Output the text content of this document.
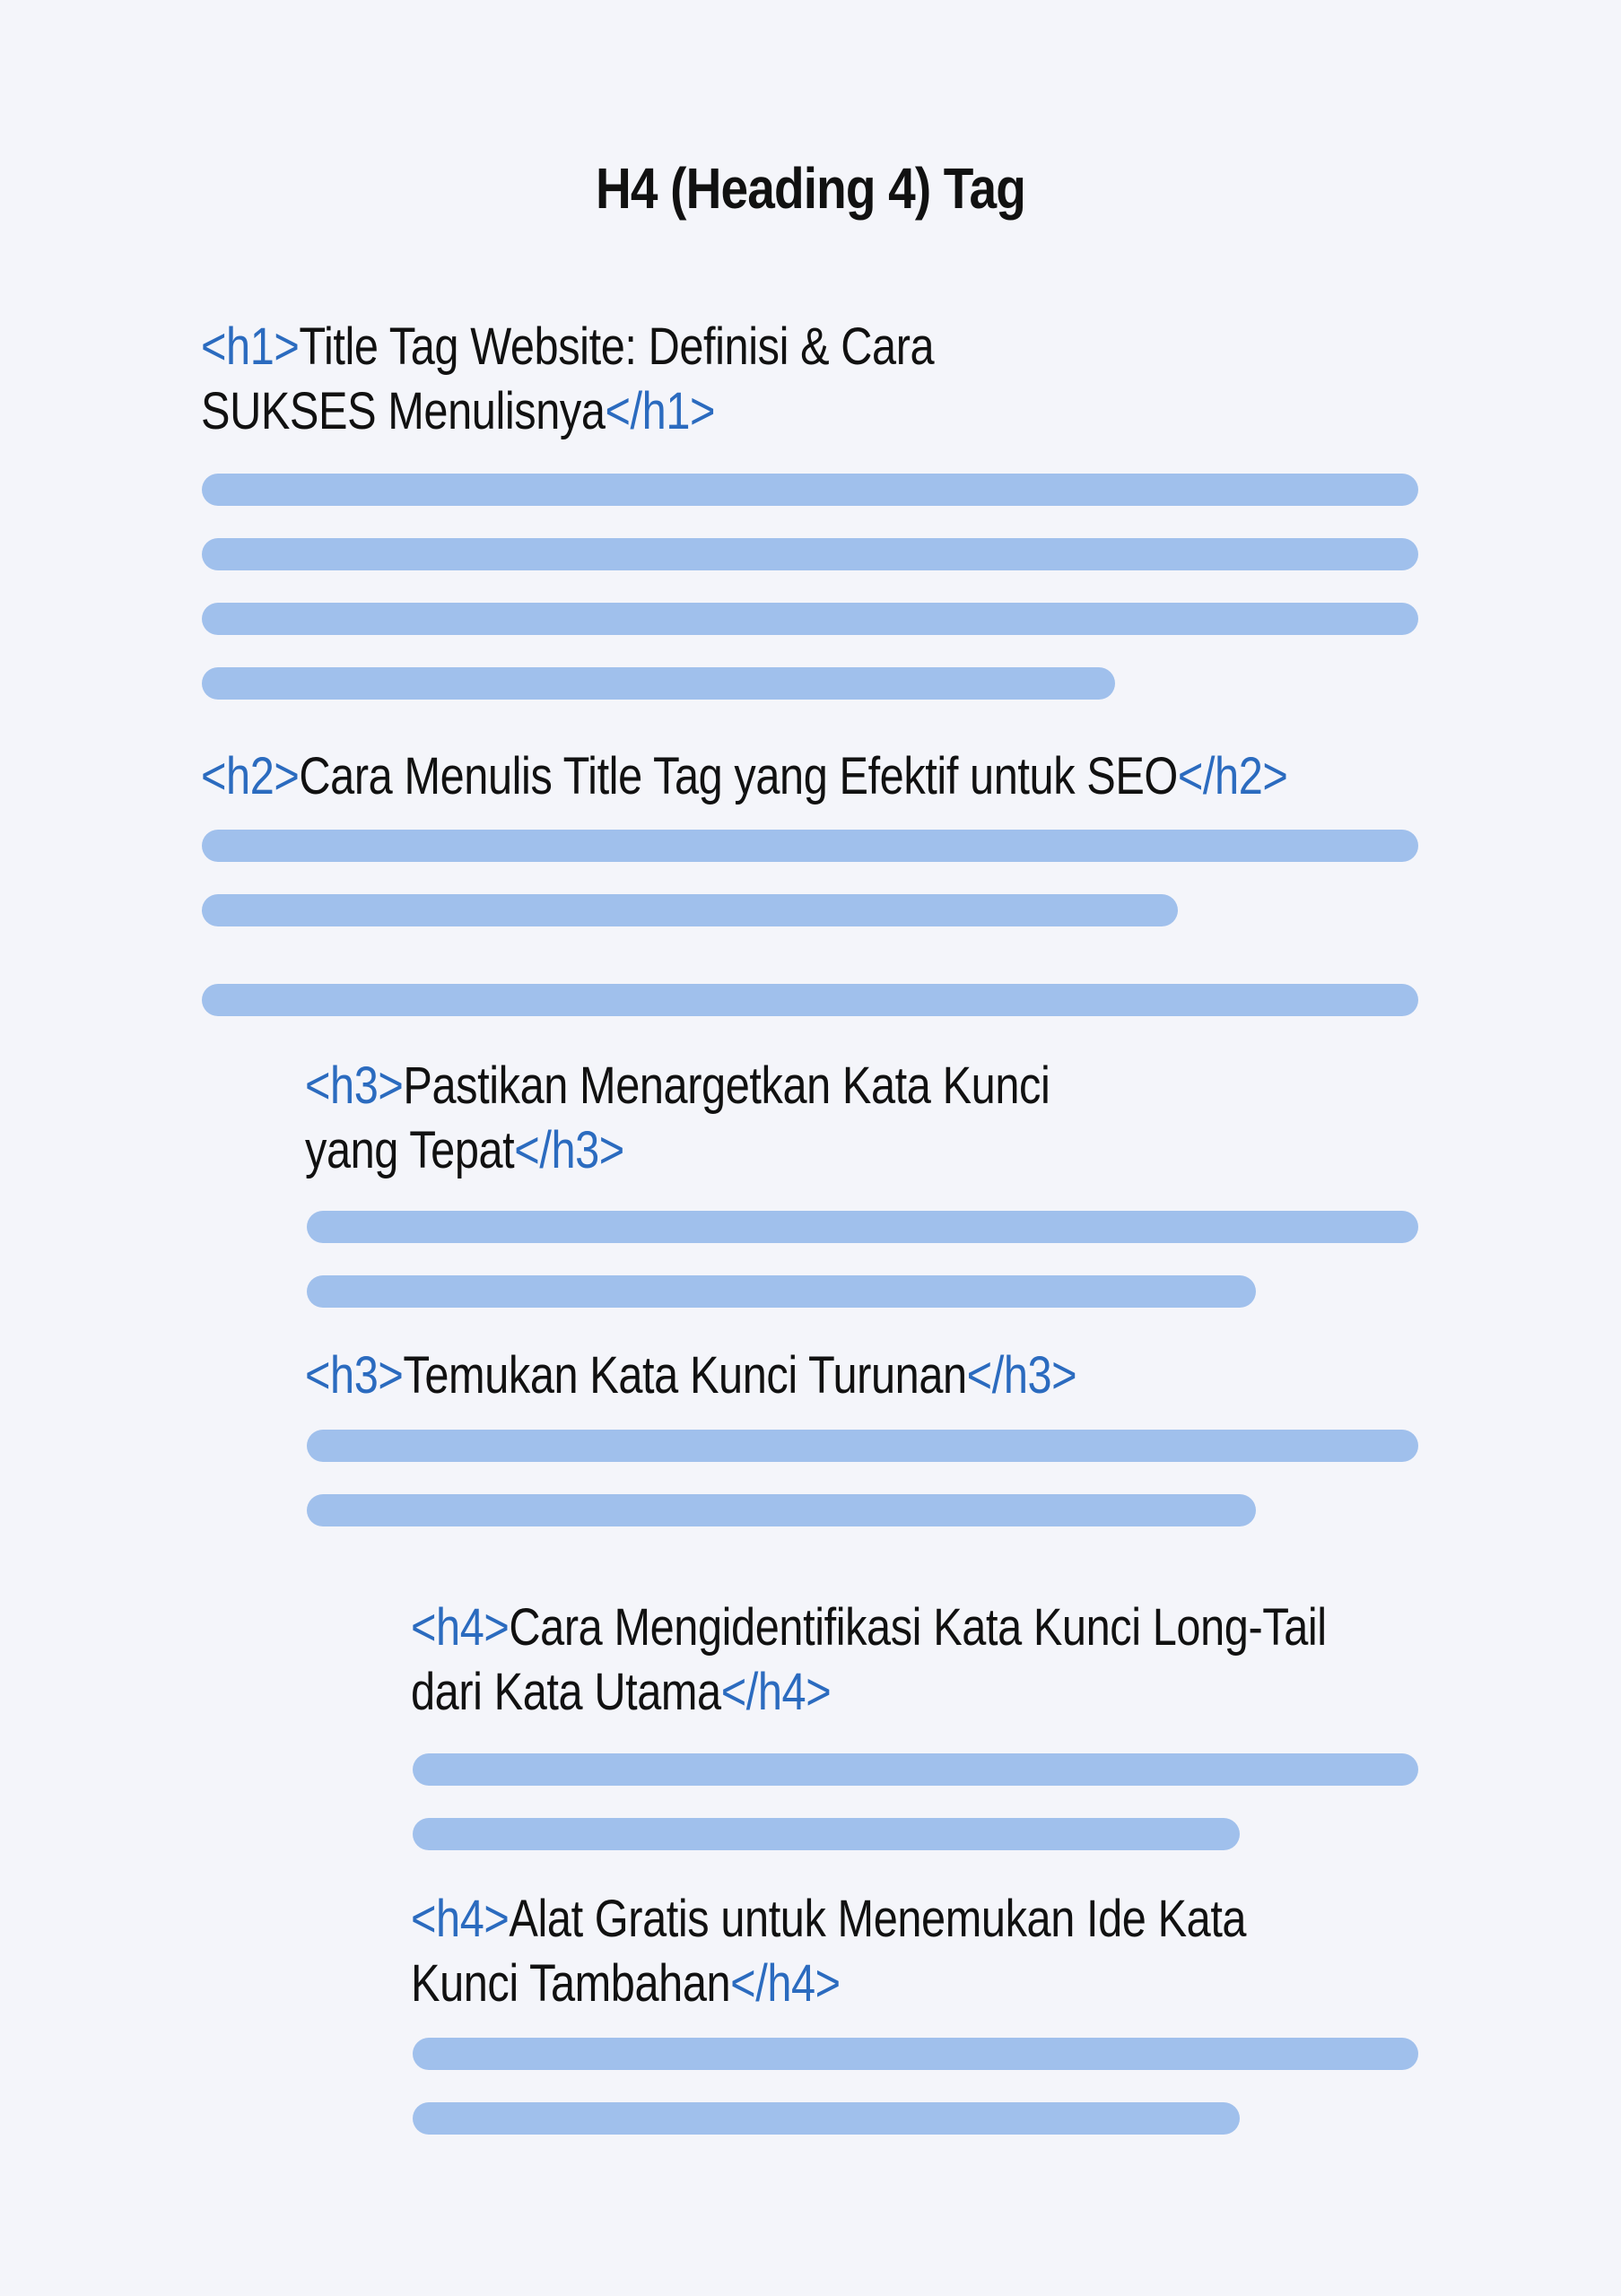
H4 (Heading 4) Tag
<h1>Title Tag Website: Definisi & Cara
SUKSES Menulisnya</h1>
<h2>Cara Menulis Title Tag yang Efektif untuk SEO</h2>
<h3>Pastikan Menargetkan Kata Kunci
yang Tepat</h3>
<h3>Temukan Kata Kunci Turunan</h3>
<h4>Cara Mengidentifikasi Kata Kunci Long-Tail
dari Kata Utama</h4>
<h4>Alat Gratis untuk Menemukan Ide Kata
Kunci Tambahan</h4>
